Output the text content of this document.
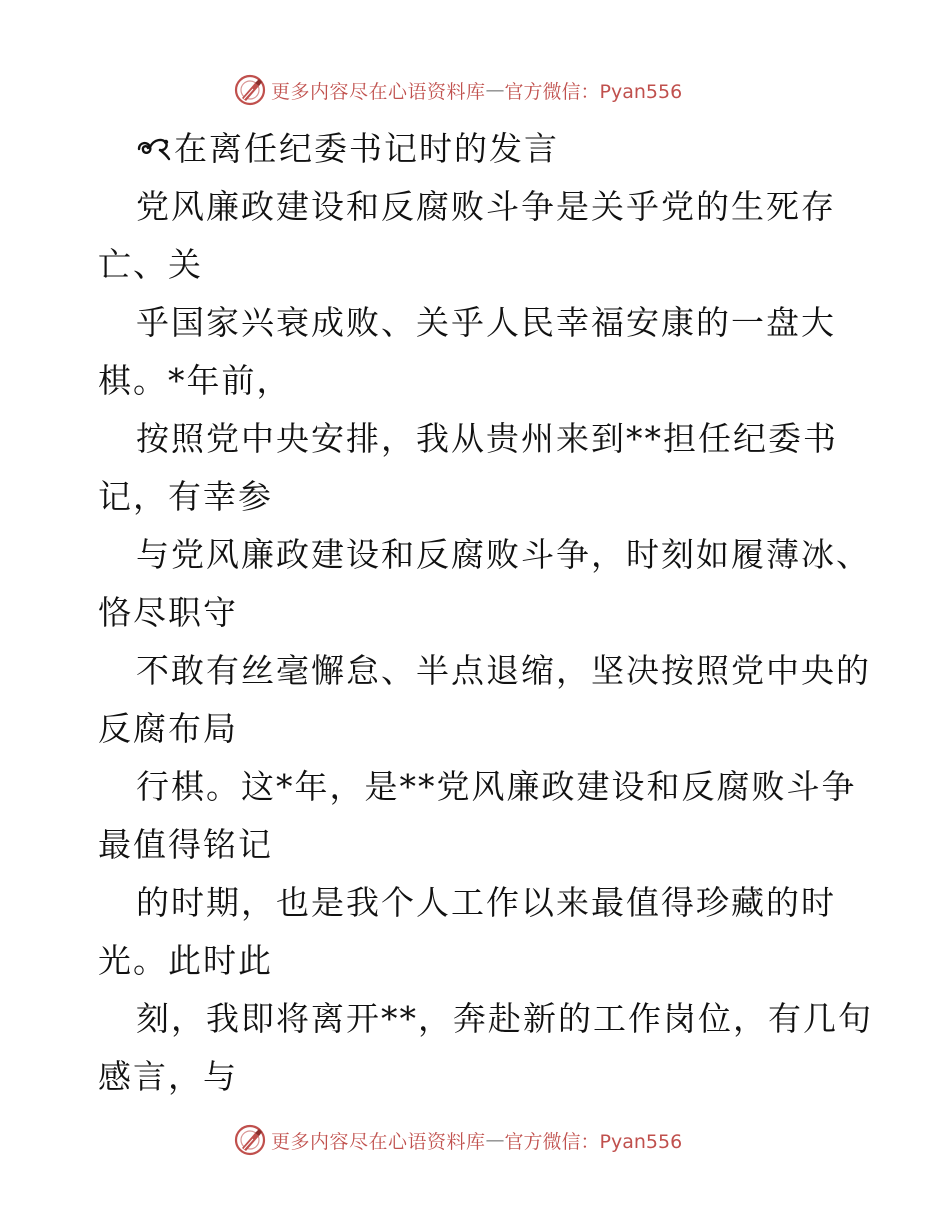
更多内容尽在心语资料库 — 官方微信：Pyan556
在离任纪委书记时的发言
党风廉政建设和反腐败斗争是关乎党的生死存
亡、关
乎国家兴衰成败、关乎人民幸福安康的一盘大
棋。*年前，
按照党中央安排，我从贵州来到**担任纪委书
记，有幸参
与党风廉政建设和反腐败斗争，时刻如履薄冰、
恪尽职守
不敢有丝毫懈怠、半点退缩，坚决按照党中央的
反腐布局
行棋。这*年，是**党风廉政建设和反腐败斗争
最值得铭记
的时期，也是我个人工作以来最值得珍藏的时
光。此时此
刻，我即将离开**，奔赴新的工作岗位，有几句
感言，与
更多内容尽在心语资料库 — 官方微信：Pyan556
